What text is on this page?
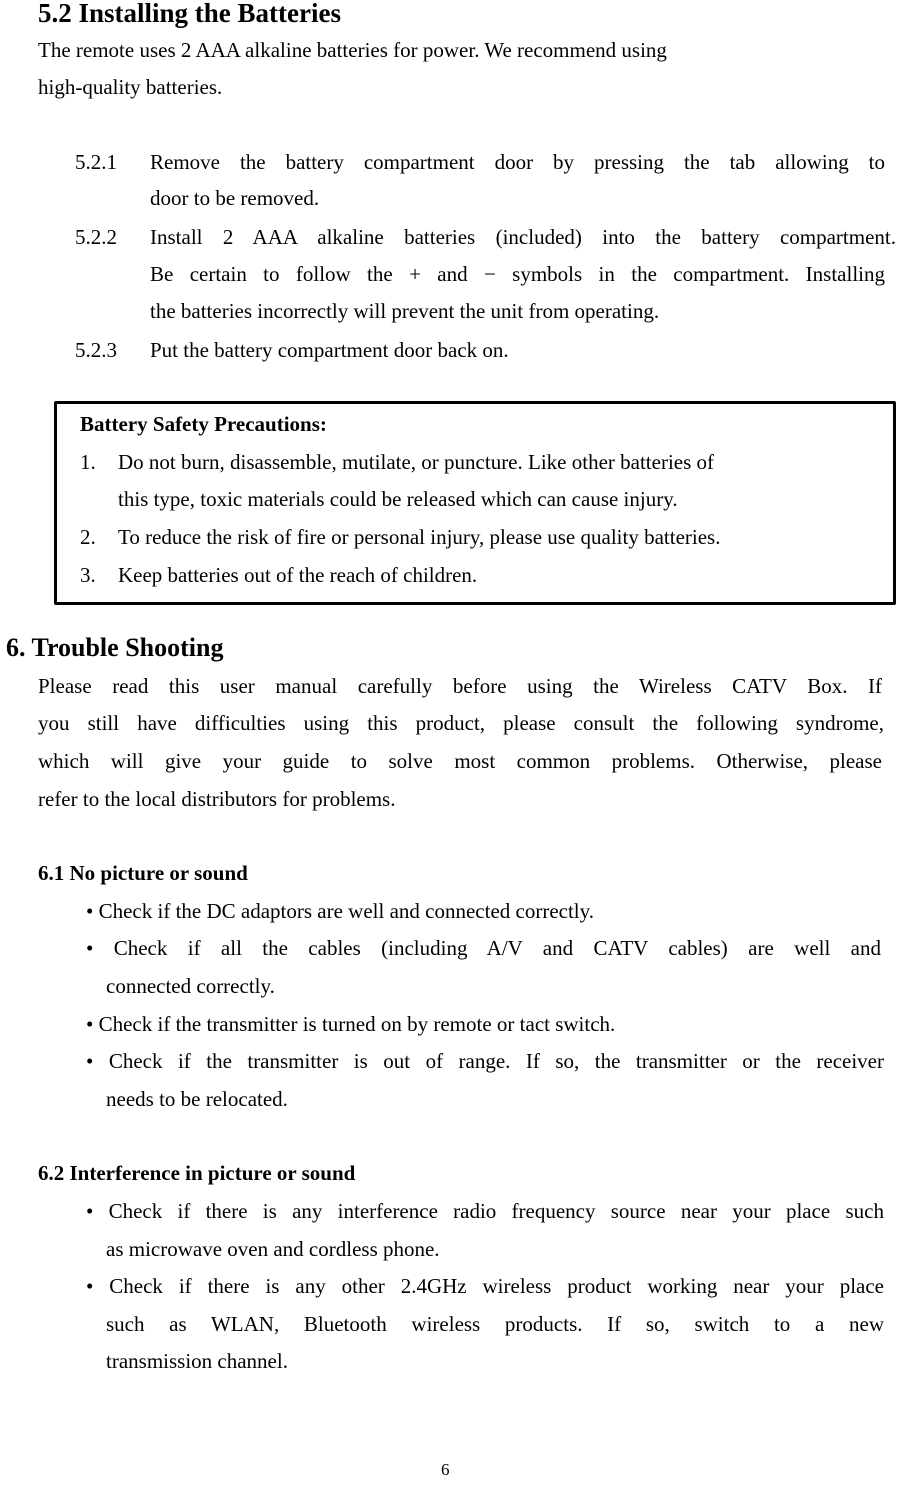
5.2 Installing the Batteries
The remote uses 2 AAA alkaline batteries for power. We recommend using
high-quality batteries.
5.2.1 Remove the battery compartment door by pressing the tab allowing to
door to be removed.
5.2.2 Install 2 AAA alkaline batteries (included) into the battery compartment.
Be certain to follow the + and − symbols in the compartment. Installing
the batteries incorrectly will prevent the unit from operating.
5.2.3 Put the battery compartment door back on.
Battery Safety Precautions:
1. Do not burn, disassemble, mutilate, or puncture. Like other batteries of
this type, toxic materials could be released which can cause injury.
2. To reduce the risk of fire or personal injury, please use quality batteries.
3. Keep batteries out of the reach of children.
6. Trouble Shooting
Please read this user manual carefully before using the Wireless CATV Box. If
you still have difficulties using this product, please consult the following syndrome,
which will give your guide to solve most common problems. Otherwise, please
refer to the local distributors for problems.
6.1 No picture or sound
• Check if the DC adaptors are well and connected correctly.
• Check if all the cables (including A/V and CATV cables) are well and
connected correctly.
• Check if the transmitter is turned on by remote or tact switch.
• Check if the transmitter is out of range. If so, the transmitter or the receiver
needs to be relocated.
6.2 Interference in picture or sound
• Check if there is any interference radio frequency source near your place such
as microwave oven and cordless phone.
• Check if there is any other 2.4GHz wireless product working near your place
such as WLAN, Bluetooth wireless products. If so, switch to a new
transmission channel.
6
